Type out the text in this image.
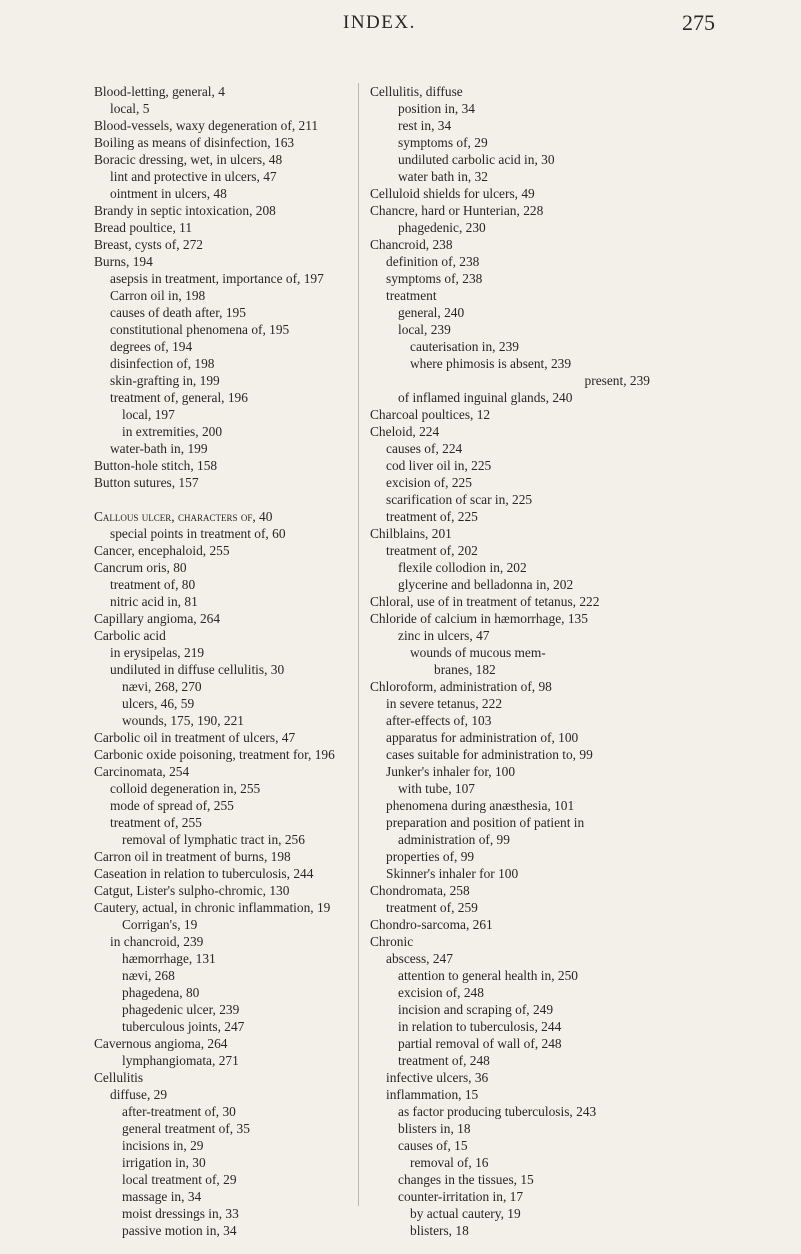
INDEX.	275
Blood-letting, general, 4
local, 5
Blood-vessels, waxy degeneration of, 211
Boiling as means of disinfection, 163
Boracic dressing, wet, in ulcers, 48
lint and protective in ulcers, 47
ointment in ulcers, 48
Brandy in septic intoxication, 208
Bread poultice, 11
Breast, cysts of, 272
Burns, 194
asepsis in treatment, importance of, 197
Carron oil in, 198
causes of death after, 195
constitutional phenomena of, 195
degrees of, 194
disinfection of, 198
skin-grafting in, 199
treatment of, general, 196
local, 197
in extremities, 200
water-bath in, 199
Button-hole stitch, 158
Button sutures, 157
Callous ulcer, characters of, 40
special points in treatment of, 60
Cancer, encephaloid, 255
Cancrum oris, 80
treatment of, 80
nitric acid in, 81
Capillary angioma, 264
Carbolic acid
in erysipelas, 219
undiluted in diffuse cellulitis, 30
nævi, 268, 270
ulcers, 46, 59
wounds, 175, 190, 221
Carbolic oil in treatment of ulcers, 47
Carbonic oxide poisoning, treatment for, 196
Carcinomata, 254
colloid degeneration in, 255
mode of spread of, 255
treatment of, 255
removal of lymphatic tract in, 256
Carron oil in treatment of burns, 198
Caseation in relation to tuberculosis, 244
Catgut, Lister's sulpho-chromic, 130
Cautery, actual, in chronic inflammation, 19
Corrigan's, 19
in chancroid, 239
hæmorrhage, 131
nævi, 268
phagedena, 80
phagedenic ulcer, 239
tuberculous joints, 247
Cavernous angioma, 264
lymphangiomata, 271
Cellulitis
diffuse, 29
after-treatment of, 30
general treatment of, 35
incisions in, 29
irrigation in, 30
local treatment of, 29
massage in, 34
moist dressings in, 33
passive motion in, 34
Cellulitis, diffuse
position in, 34
rest in, 34
symptoms of, 29
undiluted carbolic acid in, 30
water bath in, 32
Celluloid shields for ulcers, 49
Chancre, hard or Hunterian, 228
phagedenic, 230
Chancroid, 238
definition of, 238
symptoms of, 238
treatment
general, 240
local, 239
cauterisation in, 239
where phimosis is absent, 239
present, 239
of inflamed inguinal glands, 240
Charcoal poultices, 12
Cheloid, 224
causes of, 224
cod liver oil in, 225
excision of, 225
scarification of scar in, 225
treatment of, 225
Chilblains, 201
treatment of, 202
flexile collodion in, 202
glycerine and belladonna in, 202
Chloral, use of in treatment of tetanus, 222
Chloride of calcium in hæmorrhage, 135
zinc in ulcers, 47
wounds of mucous mem-
branes, 182
Chloroform, administration of, 98
in severe tetanus, 222
after-effects of, 103
apparatus for administration of, 100
cases suitable for administration to, 99
Junker's inhaler for, 100
with tube, 107
phenomena during anæsthesia, 101
preparation and position of patient in
administration of, 99
properties of, 99
Skinner's inhaler for 100
Chondromata, 258
treatment of, 259
Chondro-sarcoma, 261
Chronic
abscess, 247
attention to general health in, 250
excision of, 248
incision and scraping of, 249
in relation to tuberculosis, 244
partial removal of wall of, 248
treatment of, 248
infective ulcers, 36
inflammation, 15
as factor producing tuberculosis, 243
blisters in, 18
causes of, 15
removal of, 16
changes in the tissues, 15
counter-irritation in, 17
by actual cautery, 19
blisters, 18
